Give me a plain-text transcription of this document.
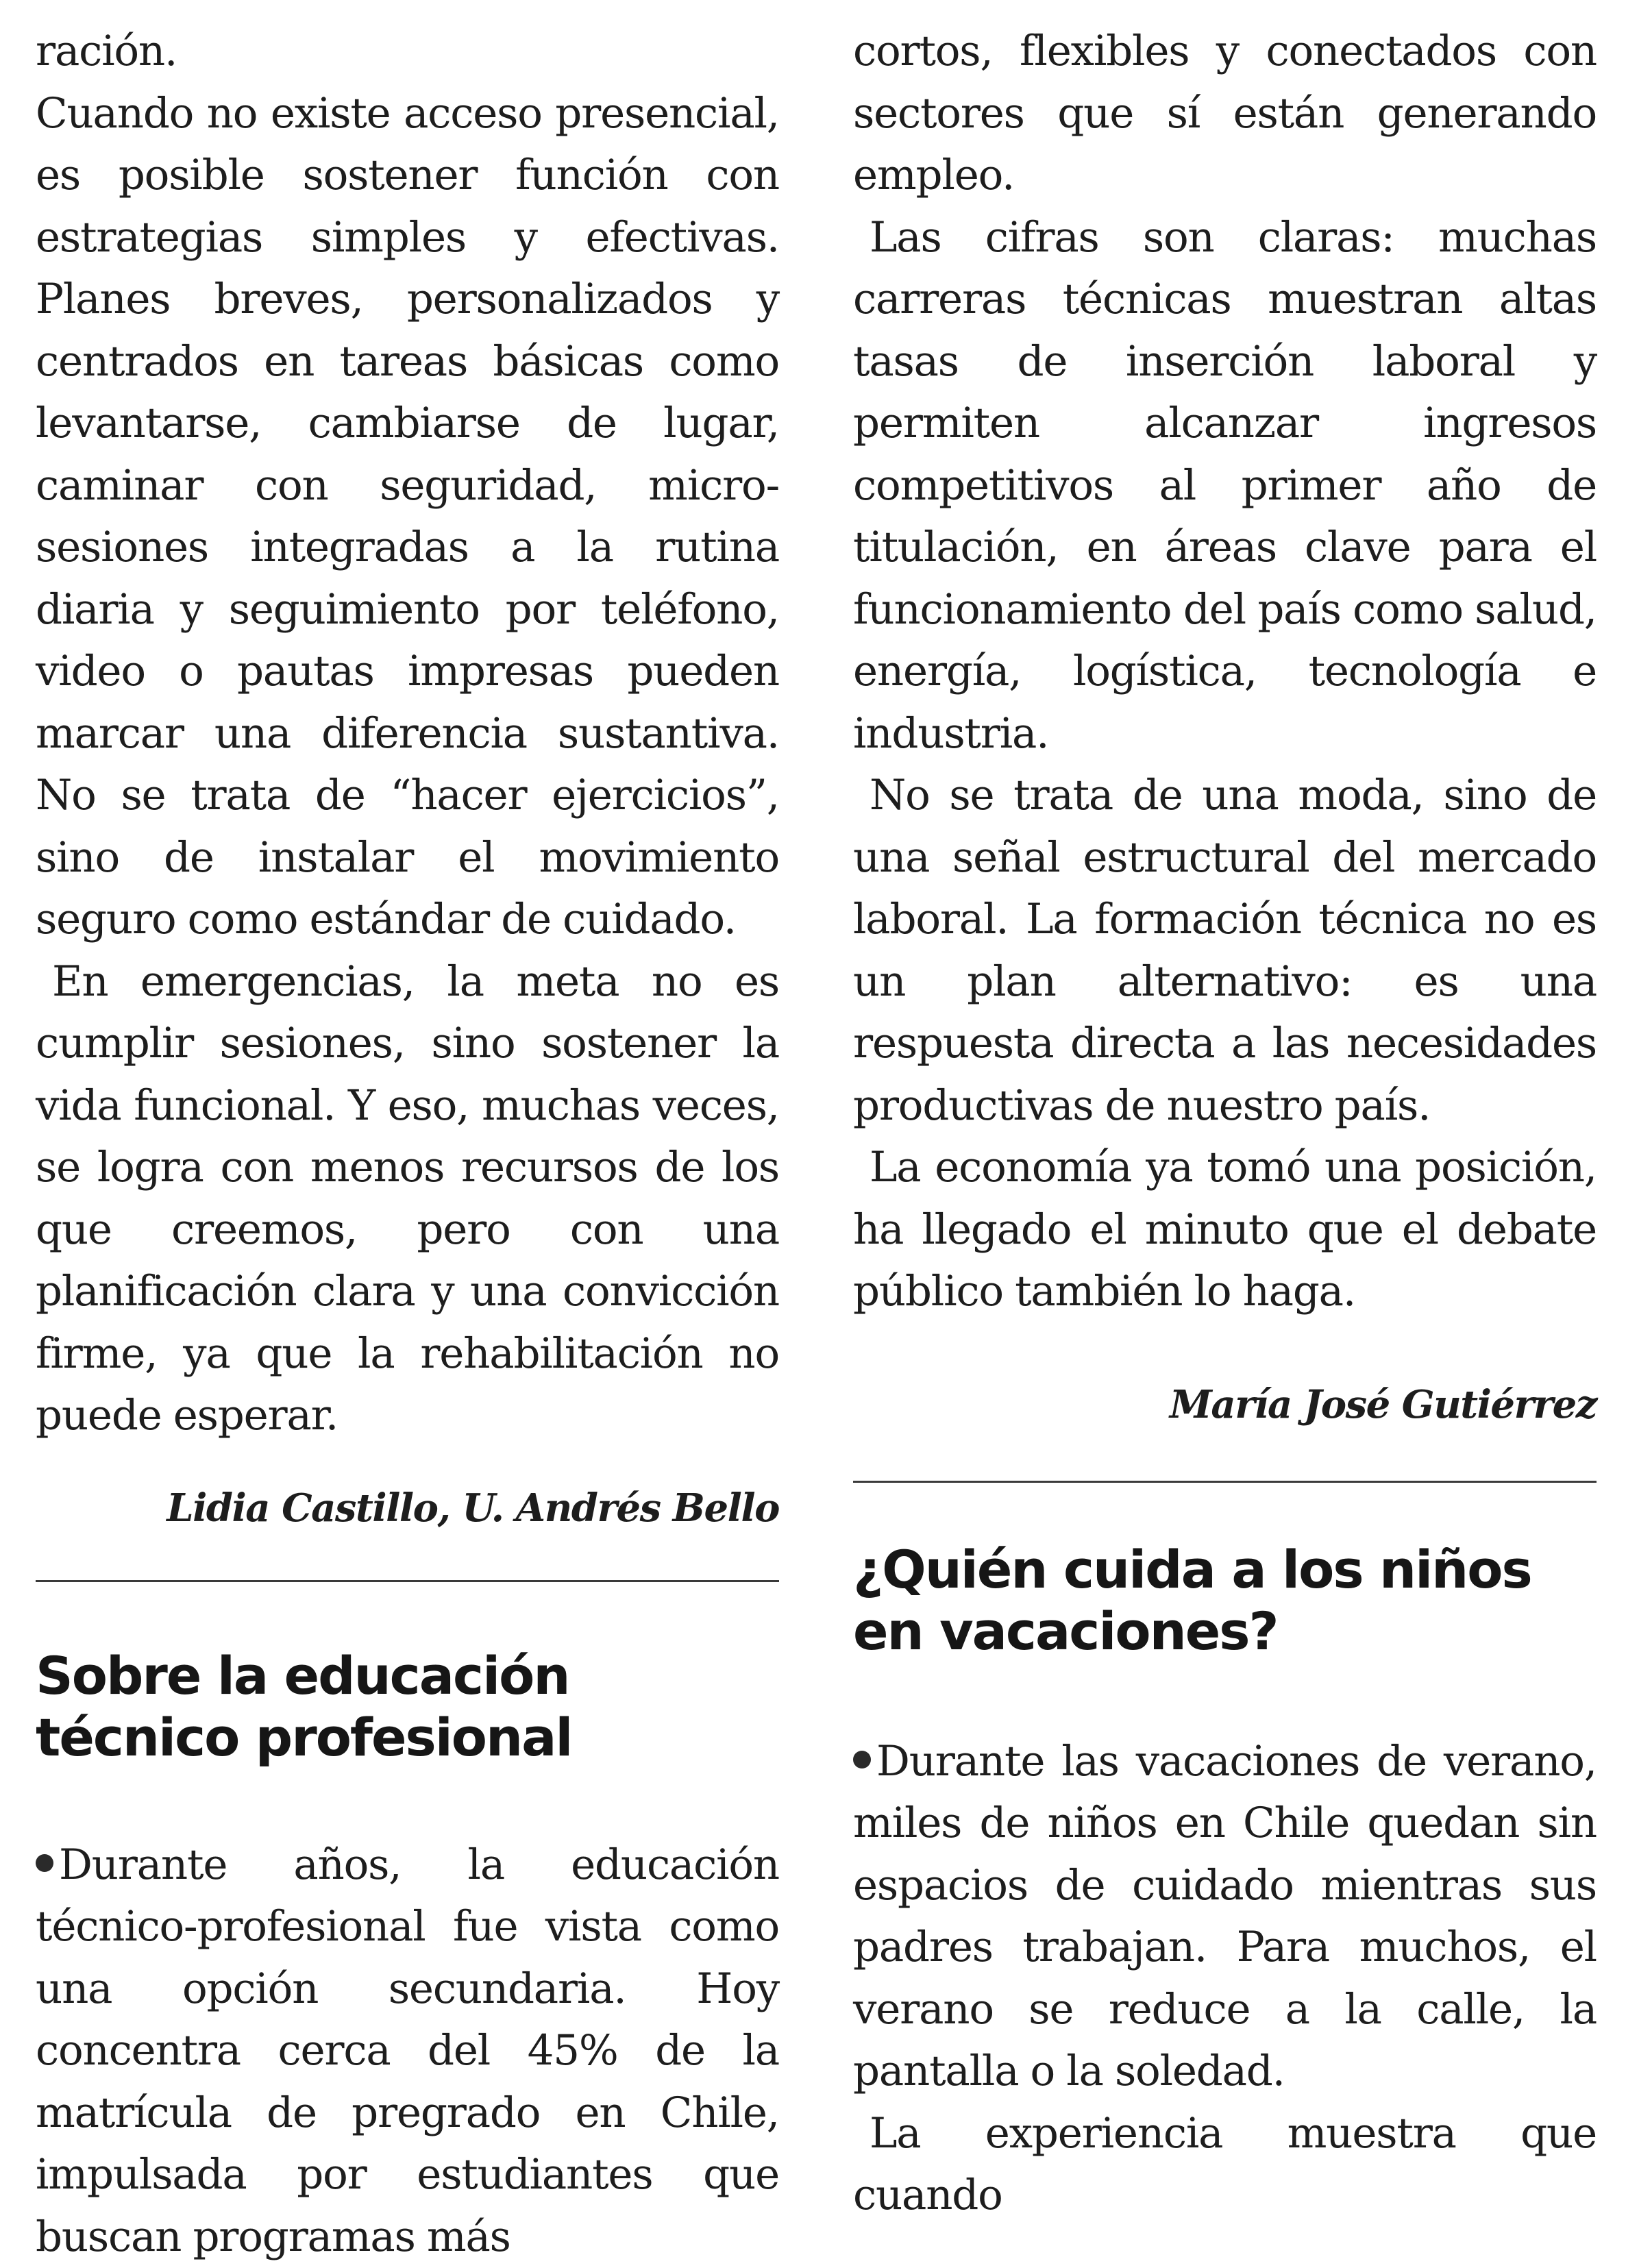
ración.

Cuando no existe acceso presencial, es posible sostener función con estrategias simples y efectivas. Planes breves, personalizados y centrados en tareas básicas como levantarse, cambiarse de lugar, caminar con seguridad, micro-sesiones integradas a la rutina diaria y seguimiento por teléfono, video o pautas impresas pueden marcar una diferencia sustantiva. No se trata de “hacer ejercicios”, sino de instalar el movimiento seguro como estándar de cuidado.

En emergencias, la meta no es cumplir sesiones, sino sostener la vida funcional. Y eso, muchas veces, se logra con menos recursos de los que creemos, pero con una planificación clara y una convicción firme, ya que la rehabilitación no puede esperar.

Lidia Castillo, U. Andrés Bello

Sobre la educación técnico profesional

Durante años, la educación técnico-profesional fue vista como una opción secundaria. Hoy concentra cerca del 45% de la matrícula de pregrado en Chile, impulsada por estudiantes que buscan programas más

cortos, flexibles y conectados con sectores que sí están generando empleo.

Las cifras son claras: muchas carreras técnicas muestran altas tasas de inserción laboral y permiten alcanzar ingresos competitivos al primer año de titulación, en áreas clave para el funcionamiento del país como salud, energía, logística, tecnología e industria.

No se trata de una moda, sino de una señal estructural del mercado laboral. La formación técnica no es un plan alternativo: es una respuesta directa a las necesidades productivas de nuestro país.

La economía ya tomó una posición, ha llegado el minuto que el debate público también lo haga.

María José Gutiérrez

¿Quién cuida a los niños en vacaciones?

Durante las vacaciones de verano, miles de niños en Chile quedan sin espacios de cuidado mientras sus padres trabajan. Para muchos, el verano se reduce a la calle, la pantalla o la soledad.

La experiencia muestra que cuando
